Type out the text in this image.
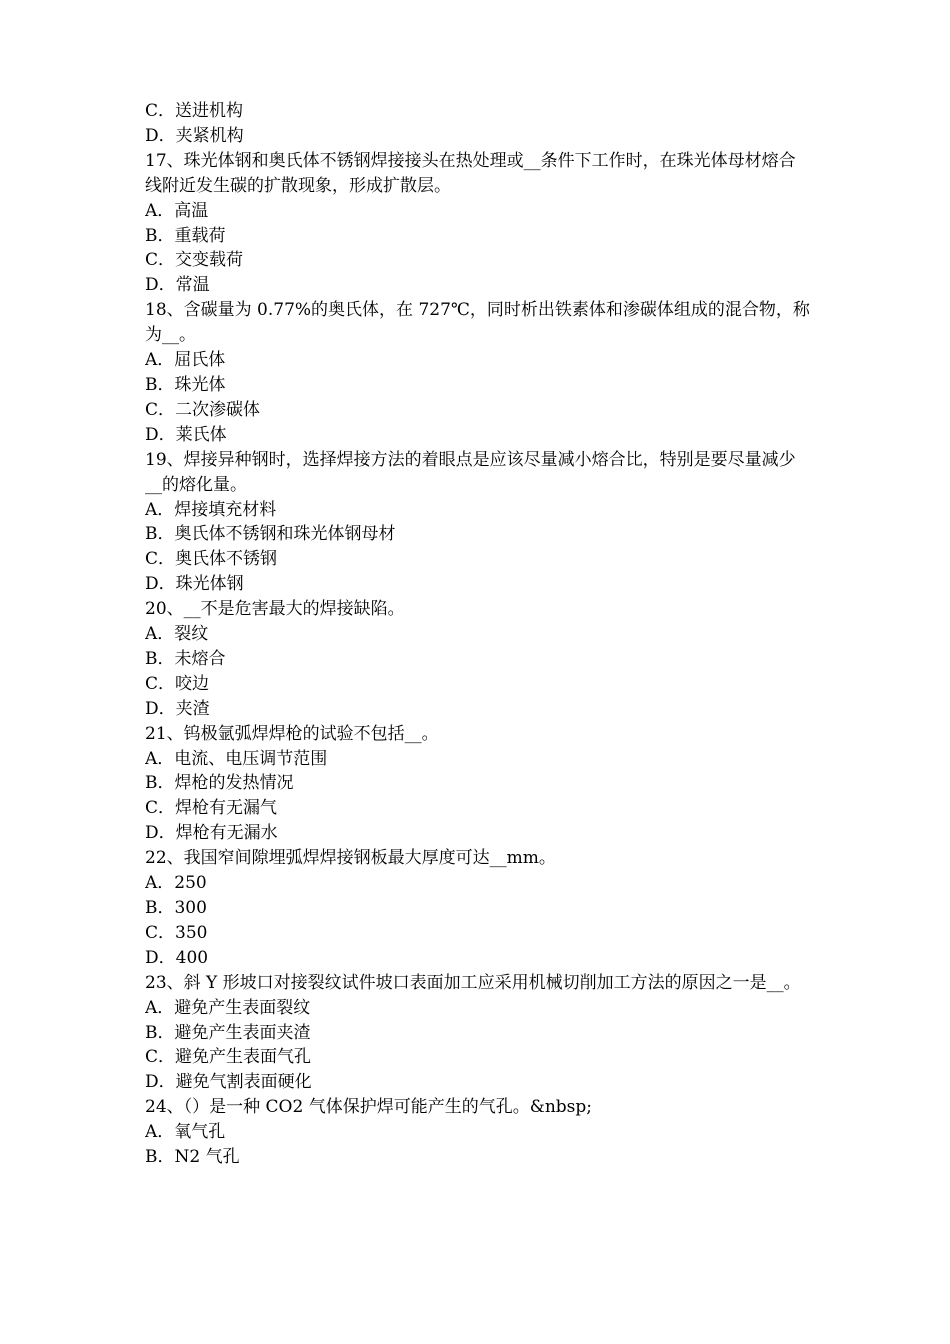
C．送进机构
D．夹紧机构
17、珠光体钢和奥氏体不锈钢焊接接头在热处理或__条件下工作时，在珠光体母材熔合线附近发生碳的扩散现象，形成扩散层。
A．高温
B．重载荷
C．交变载荷
D．常温
18、含碳量为 0.77%的奥氏体，在 727℃，同时析出铁素体和渗碳体组成的混合物，称为__。
A．屈氏体
B．珠光体
C．二次渗碳体
D．莱氏体
19、焊接异种钢时，选择焊接方法的着眼点是应该尽量减小熔合比，特别是要尽量减少__的熔化量。
A．焊接填充材料
B．奥氏体不锈钢和珠光体钢母材
C．奥氏体不锈钢
D．珠光体钢
20、__不是危害最大的焊接缺陷。
A．裂纹
B．未熔合
C．咬边
D．夹渣
21、钨极氩弧焊焊枪的试验不包括__。
A．电流、电压调节范围
B．焊枪的发热情况
C．焊枪有无漏气
D．焊枪有无漏水
22、我国窄间隙埋弧焊焊接钢板最大厚度可达__mm。
A．250
B．300
C．350
D．400
23、斜 Y 形坡口对接裂纹试件坡口表面加工应采用机械切削加工方法的原因之一是__。
A．避免产生表面裂纹
B．避免产生表面夹渣
C．避免产生表面气孔
D．避免气割表面硬化
24、（）是一种 CO2 气体保护焊可能产生的气孔。&nbsp;
A．氧气孔
B．N2 气孔
